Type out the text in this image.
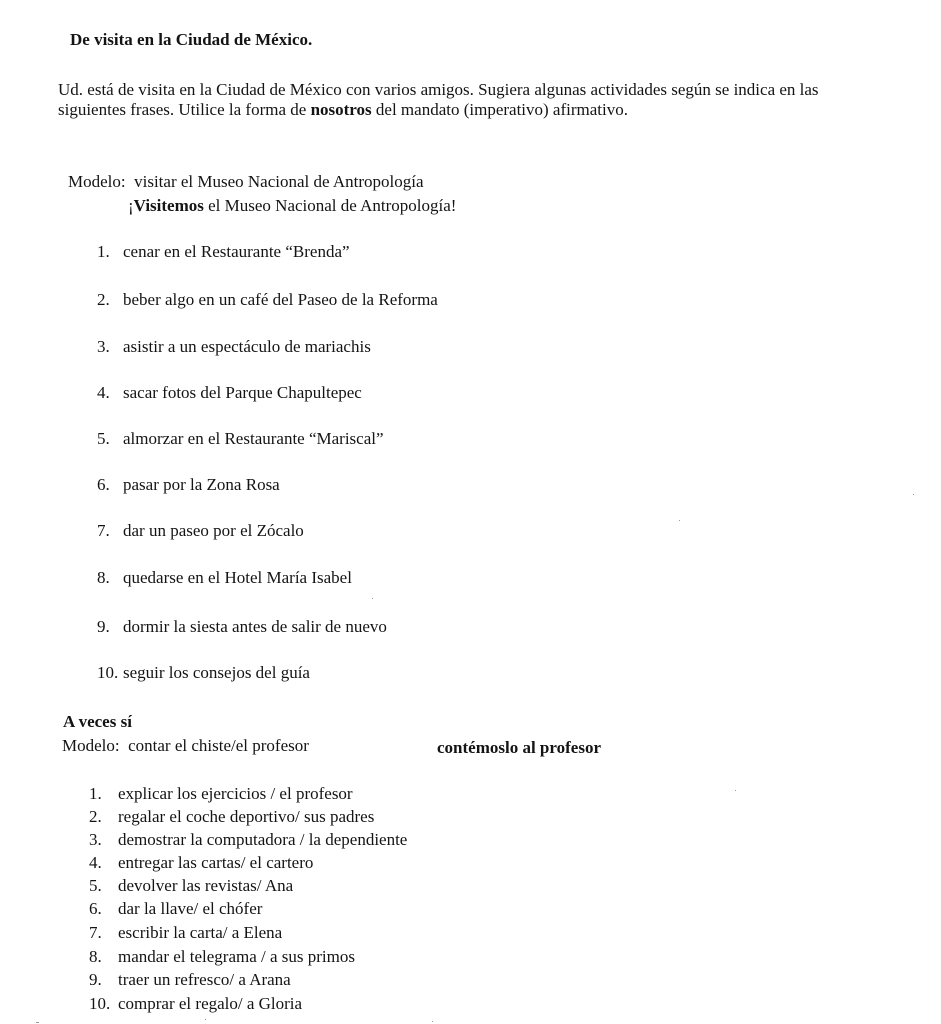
De visita en la Ciudad de México.
Ud. está de visita en la Ciudad de México con varios amigos. Sugiera algunas actividades según se indica en las siguientes frases. Utilice la forma de nosotros del mandato (imperativo) afirmativo.
Modelo: visitar el Museo Nacional de Antropología
¡Visitemos el Museo Nacional de Antropología!
1. cenar en el Restaurante “Brenda”
2. beber algo en un café del Paseo de la Reforma
3. asistir a un espectáculo de mariachis
4. sacar fotos del Parque Chapultepec
5. almorzar en el Restaurante “Mariscal”
6. pasar por la Zona Rosa
7. dar un paseo por el Zócalo
8. quedarse en el Hotel María Isabel
9. dormir la siesta antes de salir de nuevo
10. seguir los consejos del guía
A veces sí
Modelo: contar el chiste/el profesor	contémoslo al profesor
1. explicar los ejercicios / el profesor
2. regalar el coche deportivo/ sus padres
3. demostrar la computadora / la dependiente
4. entregar las cartas/ el cartero
5. devolver las revistas/ Ana
6. dar la llave/ el chófer
7. escribir la carta/ a Elena
8. mandar el telegrama / a sus primos
9. traer un refresco/ a Arana
10. comprar el regalo/ a Gloria
